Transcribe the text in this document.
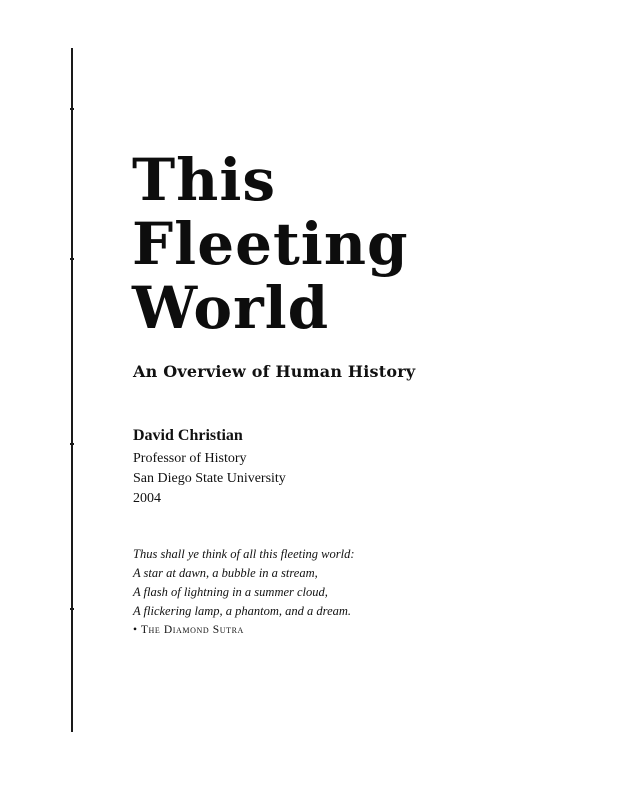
This
Fleeting
World
An Overview of Human History
David Christian
Professor of History
San Diego State University
2004
Thus shall ye think of all this fleeting world:
A star at dawn, a bubble in a stream,
A flash of lightning in a summer cloud,
A flickering lamp, a phantom, and a dream.
• The Diamond Sutra
